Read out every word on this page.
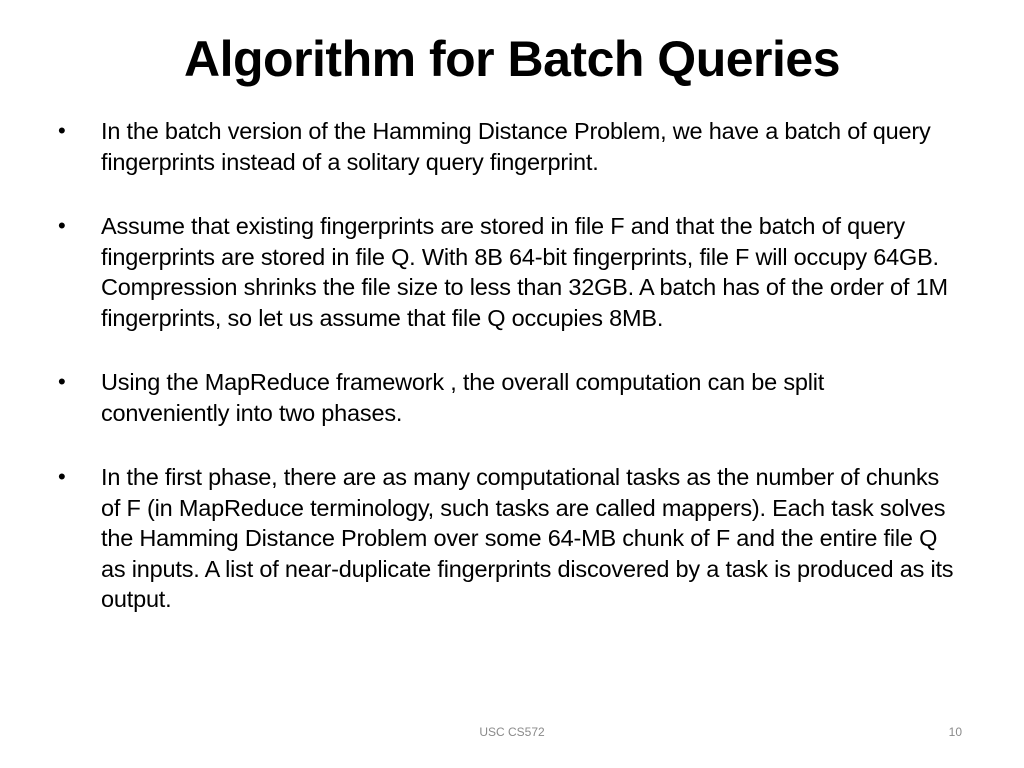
Algorithm for Batch Queries
• In the batch version of the Hamming Distance Problem, we have a batch of query fingerprints instead of a solitary query fingerprint.
• Assume that existing fingerprints are stored in file F and that the batch of query fingerprints are stored in file Q. With 8B 64-bit fingerprints, file F will occupy 64GB. Compression shrinks the file size to less than 32GB. A batch has of the order of 1M fingerprints, so let us assume that file Q occupies 8MB.
• Using the MapReduce framework , the overall computation can be split conveniently into two phases.
• In the first phase, there are as many computational tasks as the number of chunks of F (in MapReduce terminology, such tasks are called mappers). Each task solves the Hamming Distance Problem over some 64-MB chunk of F and the entire file Q as inputs. A list of near-duplicate fingerprints discovered by a task is produced as its output.
USC CS572	10
